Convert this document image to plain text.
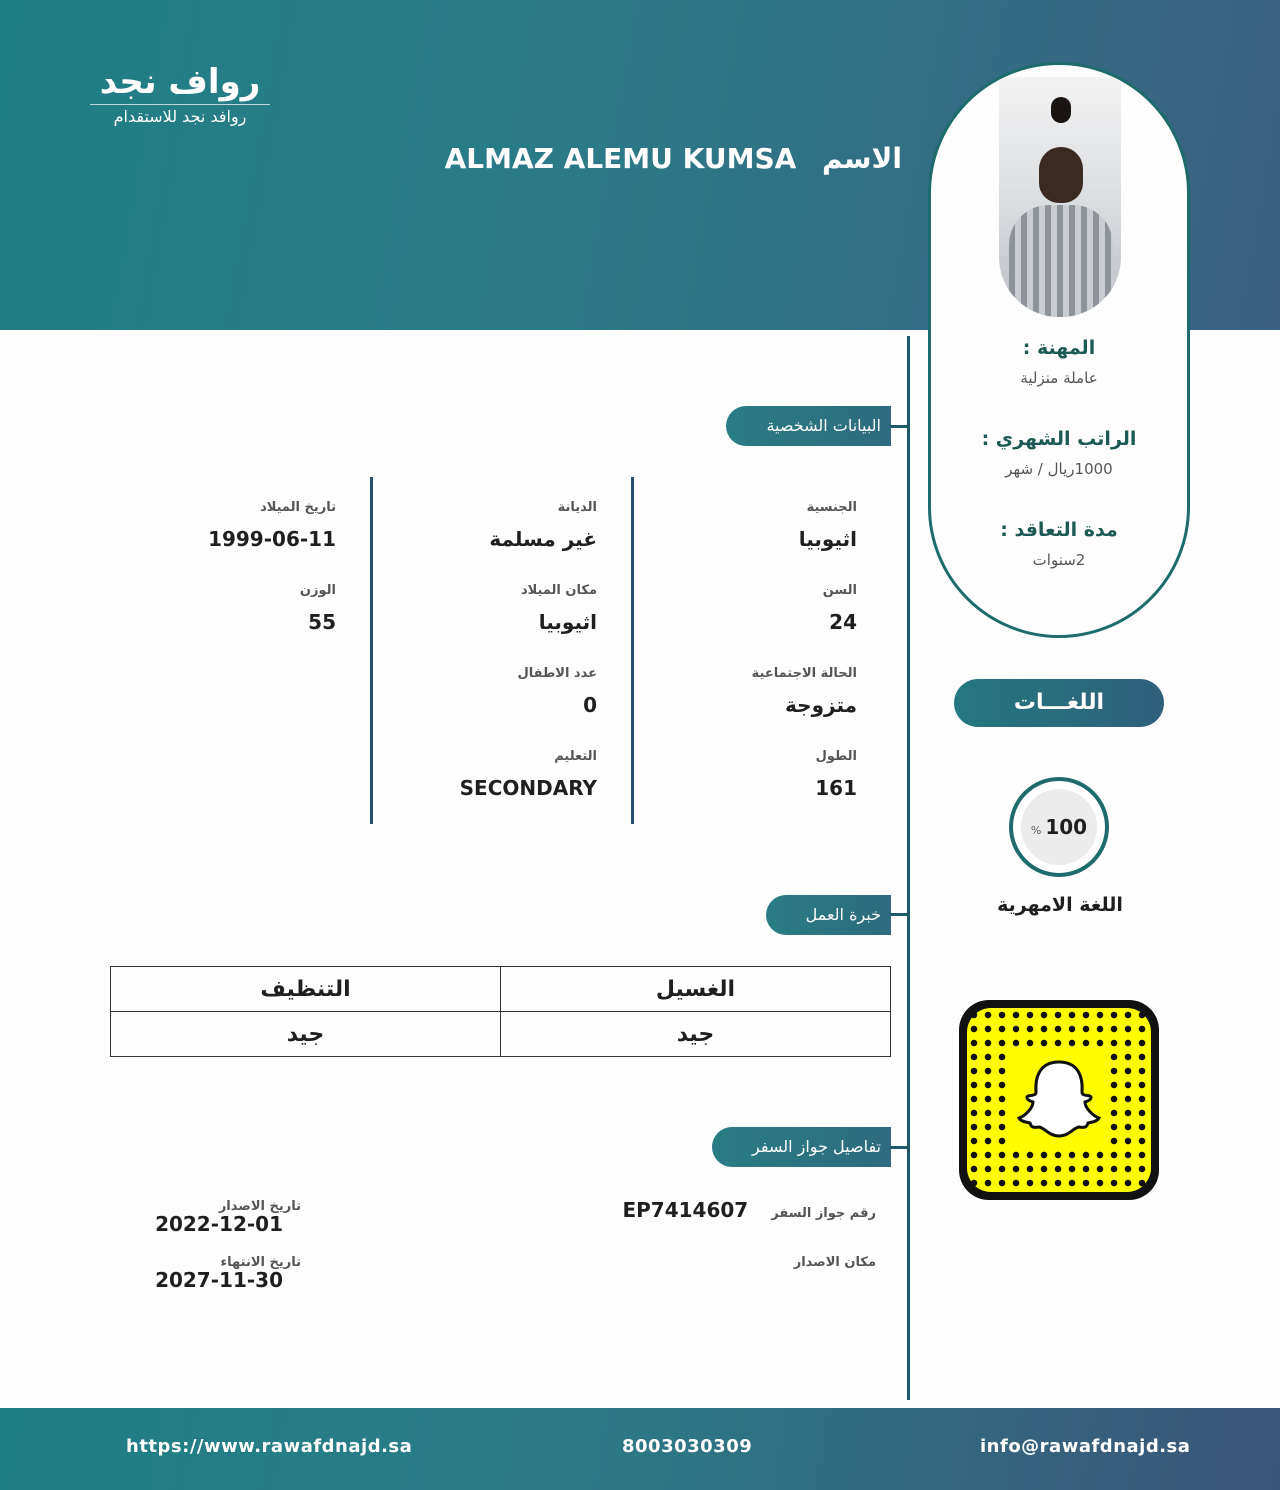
رواف نجد
روافد نجد للاستقدام
الاسم ALMAZ ALEMU KUMSA
المهنة :
عاملة منزلية
الراتب الشهري :
1000ريال / شهر
مدة التعاقد :
2سنوات
البيانات الشخصية
خبرة العمل
تفاصيل جواز السفر
الجنسية
اثيوبيا
السن
24
الحالة الاجتماعية
متزوجة
الطول
161
الديانة
غير مسلمة
مكان الميلاد
اثيوبيا
عدد الاطفال
0
التعليم
SECONDARY
تاريخ الميلاد
1999-06-11
الوزن
55
الغسيل	التنظيف
جيد	جيد
رقم جواز السفر EP7414607
مكان الاصدار
تاريخ الاصدار
2022-12-01
تاريخ الانتهاء
2027-11-30
اللغـــات
% 100
اللغة الامهرية
https://www.rawafdnajd.sa	8003030309	info@rawafdnajd.sa
